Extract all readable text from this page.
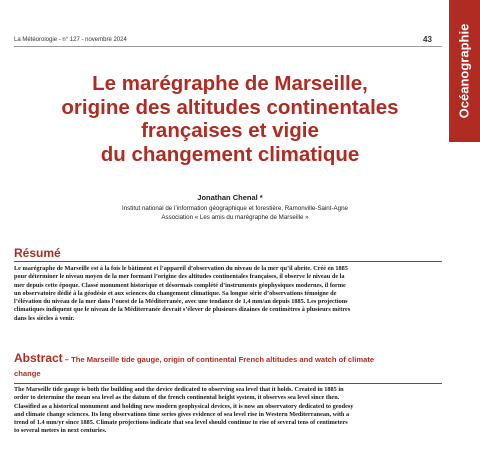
La Météorologie - n° 127 - novembre 2024	43 Océanographie
Le marégraphe de Marseille,
origine des altitudes continentales
françaises et vigie
du changement climatique
Jonathan Chenal *
Institut national de l’information géographique et forestière, Ramonville-Saint-Agne
Association « Les amis du marégraphe de Marseille »
Résumé

Le marégraphe de Marseille est à la fois le bâtiment et l’appareil d’observation du niveau de la mer qu’il abrite. Créé en 1885
pour déterminer le niveau moyen de la mer formant l’origine des altitudes continentales françaises, il observe le niveau de la
mer depuis cette époque. Classé monument historique et désormais complété d’instruments géophysiques modernes, il forme
un observatoire dédié à la géodésie et aux sciences du changement climatique. Sa longue série d’observations témoigne de
l’élévation du niveau de la mer dans l’ouest de la Méditerranée, avec une tendance de 1,4 mm/an depuis 1885. Les projections
climatiques indiquent que le niveau de la Méditerranée devrait s’élever de plusieurs dizaines de centimètres à plusieurs mètres
dans les siècles à venir.

Abstract – The Marseille tide gauge, origin of continental French altitudes and watch of climate
change

The Marseille tide gauge is both the building and the device dedicated to observing sea level that it holds. Created in 1885 in
order to determine the mean sea level as the datum of the french continental height system, it observes sea level since then.
Classified as a historical monument and holding new modern geophysical devices, it is now an observatory dedicated to geodesy
and climate change sciences. Its long observations time series gives evidence of sea level rise in Western Mediterranean, with a
trend of 1.4 mm/yr since 1885. Climate projections indicate that sea level should continue to rise of several tens of centimeters
to several meters in next centuries.
